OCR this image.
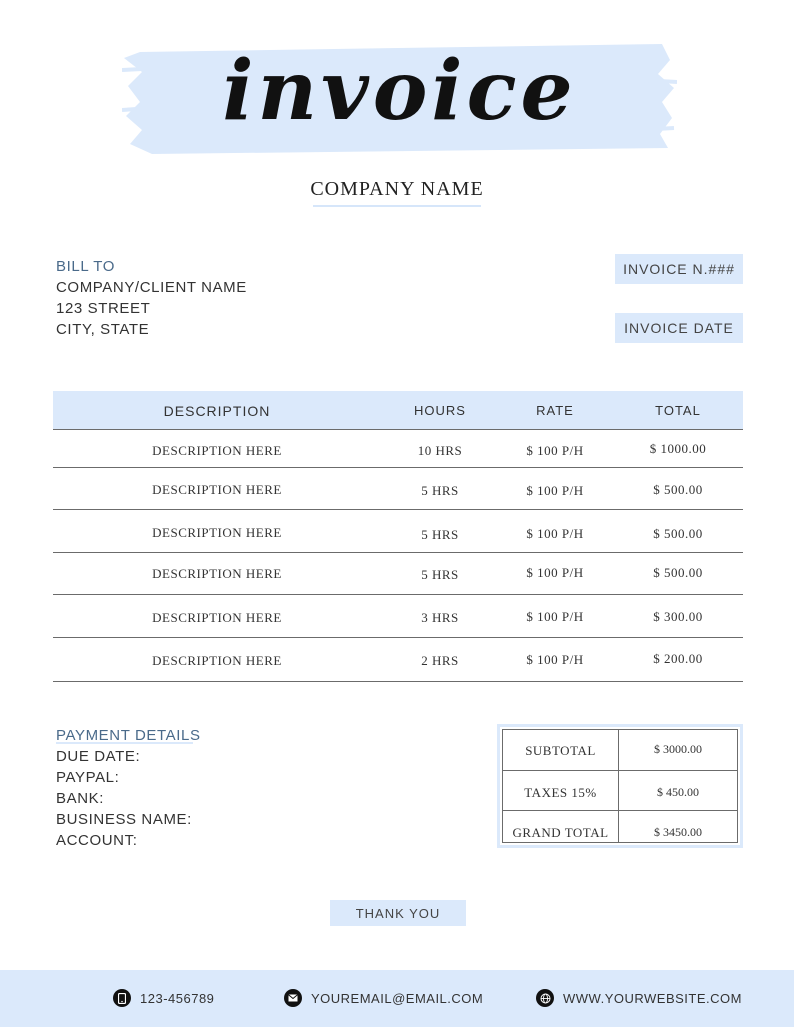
invoice
COMPANY NAME
BILL TO
COMPANY/CLIENT NAME
123 STREET
CITY, STATE
INVOICE N.###
INVOICE DATE
DESCRIPTION	HOURS	RATE	TOTAL
DESCRIPTION HERE	10 HRS	$ 100 P/H	$ 1000.00
DESCRIPTION HERE	5 HRS	$ 100 P/H	$ 500.00
DESCRIPTION HERE	5 HRS	$ 100 P/H	$ 500.00
DESCRIPTION HERE	5 HRS	$ 100 P/H	$ 500.00
DESCRIPTION HERE	3 HRS	$ 100 P/H	$ 300.00
DESCRIPTION HERE	2 HRS	$ 100 P/H	$ 200.00
PAYMENT DETAILS
DUE DATE:
PAYPAL:
BANK:
BUSINESS NAME:
ACCOUNT:
SUBTOTAL	$ 3000.00
TAXES 15%	$ 450.00
GRAND TOTAL	$ 3450.00
THANK YOU
123-456789	YOUREMAIL@EMAIL.COM	WWW.YOURWEBSITE.COM
